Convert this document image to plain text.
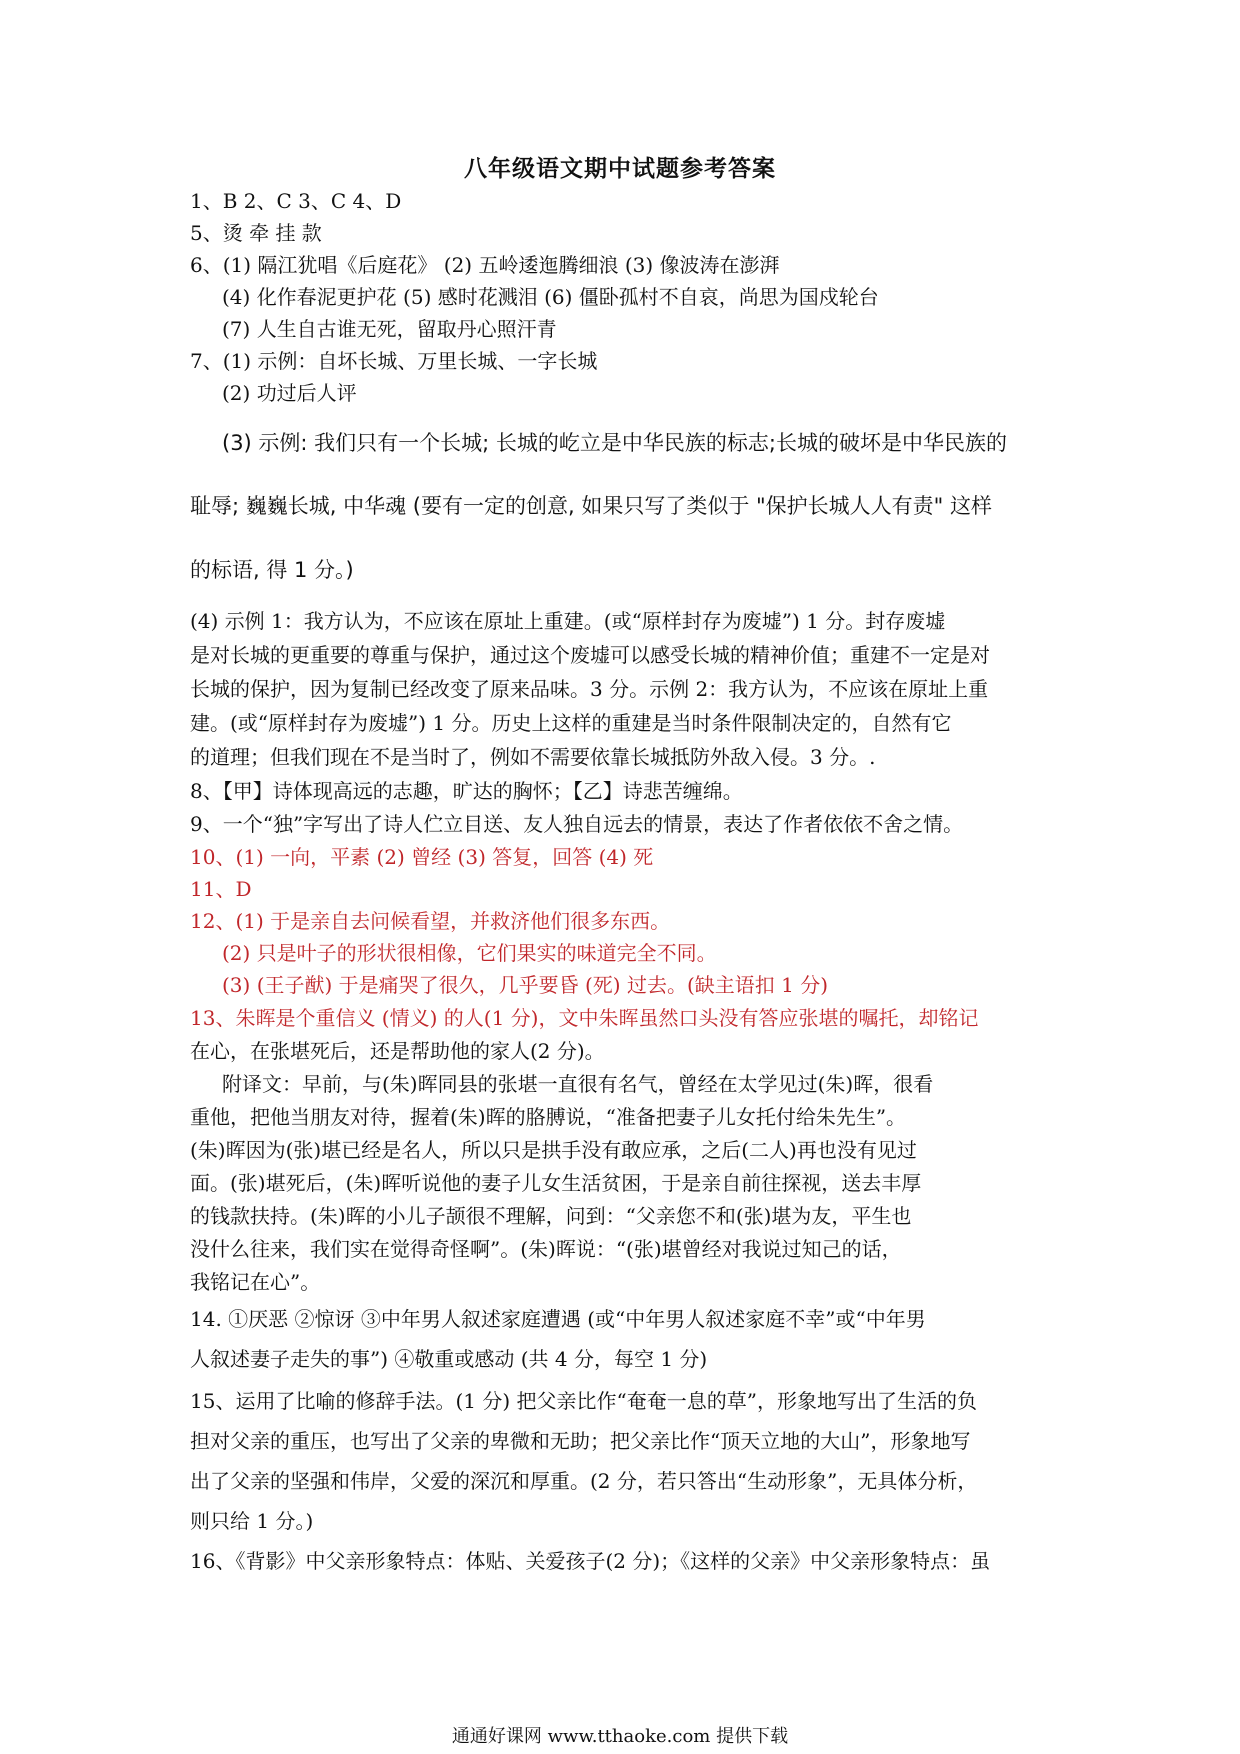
八年级语文期中试题参考答案
1、B 2、C 3、C 4、D
5、烫 牵 挂 款
6、(1) 隔江犹唱《后庭花》 (2) 五岭逶迤腾细浪 (3) 像波涛在澎湃
(4) 化作春泥更护花 (5) 感时花溅泪 (6) 僵卧孤村不自哀，尚思为国戍轮台
(7) 人生自古谁无死，留取丹心照汗青
7、(1) 示例：自坏长城、万里长城、一字长城
(2) 功过后人评
(3) 示例: 我们只有一个长城; 长城的屹立是中华民族的标志;长城的破坏是中华民族的
耻辱; 巍巍长城, 中华魂 (要有一定的创意, 如果只写了类似于 "保护长城人人有责" 这样
的标语, 得 1 分。)
(4) 示例 1：我方认为，不应该在原址上重建。(或“原样封存为废墟”) 1 分。封存废墟
是对长城的更重要的尊重与保护，通过这个废墟可以感受长城的精神价值；重建不一定是对
长城的保护，因为复制已经改变了原来品味。3 分。示例 2：我方认为，不应该在原址上重
建。(或“原样封存为废墟”) 1 分。历史上这样的重建是当时条件限制决定的，自然有它
的道理；但我们现在不是当时了，例如不需要依靠长城抵防外敌入侵。3 分。.
8、【甲】诗体现高远的志趣，旷达的胸怀；【乙】诗悲苦缠绵。
9、一个“独”字写出了诗人伫立目送、友人独自远去的情景，表达了作者依依不舍之情。
10、(1) 一向，平素 (2) 曾经 (3) 答复，回答 (4) 死
11、D
12、(1) 于是亲自去问候看望，并救济他们很多东西。
(2) 只是叶子的形状很相像，它们果实的味道完全不同。
(3) (王子猷) 于是痛哭了很久，几乎要昏 (死) 过去。(缺主语扣 1 分)
13、朱晖是个重信义 (情义) 的人(1 分)，文中朱晖虽然口头没有答应张堪的嘱托，却铭记
在心，在张堪死后，还是帮助他的家人(2 分)。
附译文：早前，与(朱)晖同县的张堪一直很有名气，曾经在太学见过(朱)晖，很看
重他，把他当朋友对待，握着(朱)晖的胳膊说，“准备把妻子儿女托付给朱先生”。
(朱)晖因为(张)堪已经是名人，所以只是拱手没有敢应承，之后(二人)再也没有见过
面。(张)堪死后，(朱)晖听说他的妻子儿女生活贫困，于是亲自前往探视，送去丰厚
的钱款扶持。(朱)晖的小儿子颉很不理解，问到：“父亲您不和(张)堪为友，平生也
没什么往来，我们实在觉得奇怪啊”。(朱)晖说：“(张)堪曾经对我说过知己的话，
我铭记在心”。
14. ①厌恶 ②惊讶 ③中年男人叙述家庭遭遇 (或“中年男人叙述家庭不幸”或“中年男
人叙述妻子走失的事”) ④敬重或感动 (共 4 分，每空 1 分)
15、运用了比喻的修辞手法。(1 分) 把父亲比作“奄奄一息的草”，形象地写出了生活的负
担对父亲的重压，也写出了父亲的卑微和无助；把父亲比作“顶天立地的大山”，形象地写
出了父亲的坚强和伟岸，父爱的深沉和厚重。(2 分，若只答出“生动形象”，无具体分析，
则只给 1 分。)
16、《背影》中父亲形象特点：体贴、关爱孩子(2 分)；《这样的父亲》中父亲形象特点：虽
通通好课网 www.tthaoke.com 提供下载
